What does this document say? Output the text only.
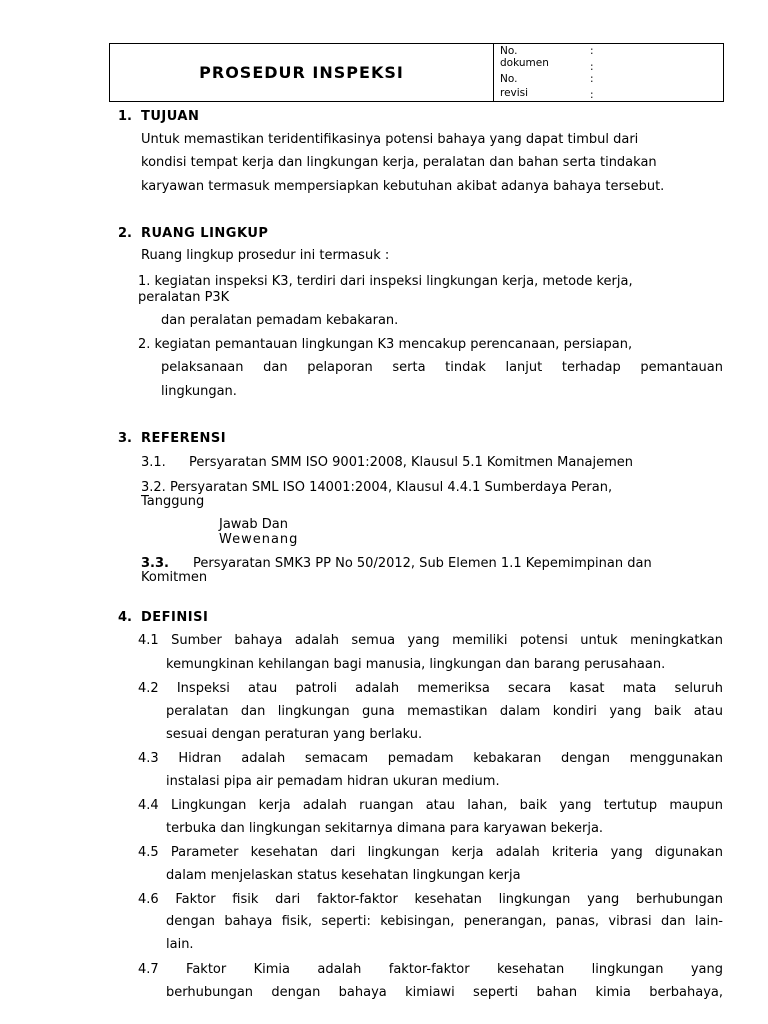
PROSEDUR INSPEKSI
No.	:
dokumen	:
No.	:
revisi	:
1. TUJUAN
Untuk memastikan teridentifikasinya potensi bahaya yang dapat timbul dari
kondisi tempat kerja dan lingkungan kerja, peralatan dan bahan serta tindakan
karyawan termasuk mempersiapkan kebutuhan akibat adanya bahaya tersebut.
2. RUANG LINGKUP
Ruang lingkup prosedur ini termasuk :
1. kegiatan inspeksi K3, terdiri dari inspeksi lingkungan kerja, metode kerja,
peralatan P3K
dan peralatan pemadam kebakaran.
2. kegiatan pemantauan lingkungan K3 mencakup perencanaan, persiapan,
pelaksanaan dan pelaporan serta tindak lanjut terhadap pemantauan
lingkungan.
3. REFERENSI
3.1. Persyaratan SMM ISO 9001:2008, Klausul 5.1 Komitmen Manajemen
3.2. Persyaratan SML ISO 14001:2004, Klausul 4.4.1 Sumberdaya Peran,
Tanggung
Jawab Dan
Wewenang
3.3. Persyaratan SMK3 PP No 50/2012, Sub Elemen 1.1 Kepemimpinan dan
Komitmen
4. DEFINISI
4.1 Sumber bahaya adalah semua yang memiliki potensi untuk meningkatkan
kemungkinan kehilangan bagi manusia, lingkungan dan barang perusahaan.
4.2 Inspeksi atau patroli adalah memeriksa secara kasat mata seluruh
peralatan dan lingkungan guna memastikan dalam kondiri yang baik atau
sesuai dengan peraturan yang berlaku.
4.3 Hidran adalah semacam pemadam kebakaran dengan menggunakan
instalasi pipa air pemadam hidran ukuran medium.
4.4 Lingkungan kerja adalah ruangan atau lahan, baik yang tertutup maupun
terbuka dan lingkungan sekitarnya dimana para karyawan bekerja.
4.5 Parameter kesehatan dari lingkungan kerja adalah kriteria yang digunakan
dalam menjelaskan status kesehatan lingkungan kerja
4.6 Faktor fisik dari faktor-faktor kesehatan lingkungan yang berhubungan
dengan bahaya fisik, seperti: kebisingan, penerangan, panas, vibrasi dan lain-
lain.
4.7 Faktor Kimia adalah faktor-faktor kesehatan lingkungan yang
berhubungan dengan bahaya kimiawi seperti bahan kimia berbahaya,
